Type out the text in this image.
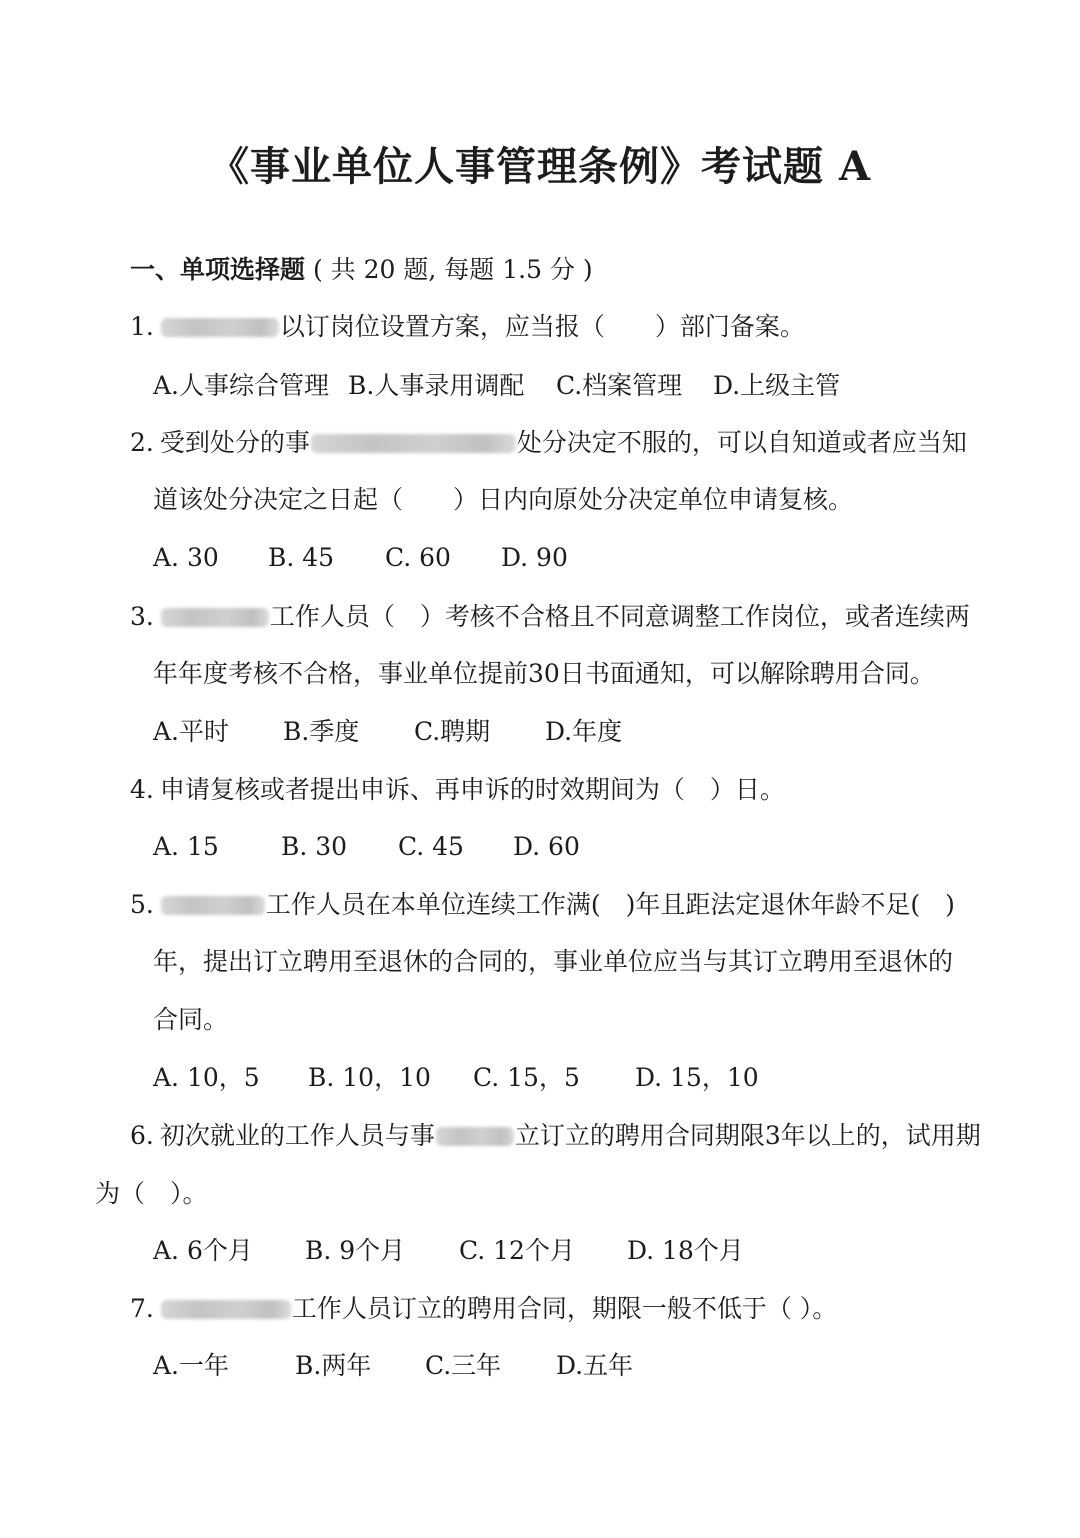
《事业单位人事管理条例》考试题 A
一、单项选择题 ( 共 20 题, 每题 1.5 分 )
1.	以订岗位设置方案，应当报（　　）部门备案。
A.人事综合管理 B.人事录用调配 C.档案管理 D.上级主管
2. 受到处分的事	处分决定不服的，可以自知道或者应当知
道该处分决定之日起（　　）日内向原处分决定单位申请复核。
A. 30 B. 45 C. 60 D. 90
3.	工作人员（　）考核不合格且不同意调整工作岗位，或者连续两
年年度考核不合格，事业单位提前30日书面通知，可以解除聘用合同。
A.平时 B.季度 C.聘期 D.年度
4. 申请复核或者提出申诉、再申诉的时效期间为（　）日。
A. 15 B. 30 C. 45 D. 60
5.	工作人员在本单位连续工作满(　)年且距法定退休年龄不足(　)
年，提出订立聘用至退休的合同的，事业单位应当与其订立聘用至退休的
合同。
A. 10，5 B. 10，10 C. 15，5 D. 15，10
6. 初次就业的工作人员与事	立订立的聘用合同期限3年以上的，试用期
为（　）。
A. 6个月 B. 9个月 C. 12个月 D. 18个月
7.	工作人员订立的聘用合同，期限一般不低于（ ）。
A.一年	B.两年 C.三年 D.五年
